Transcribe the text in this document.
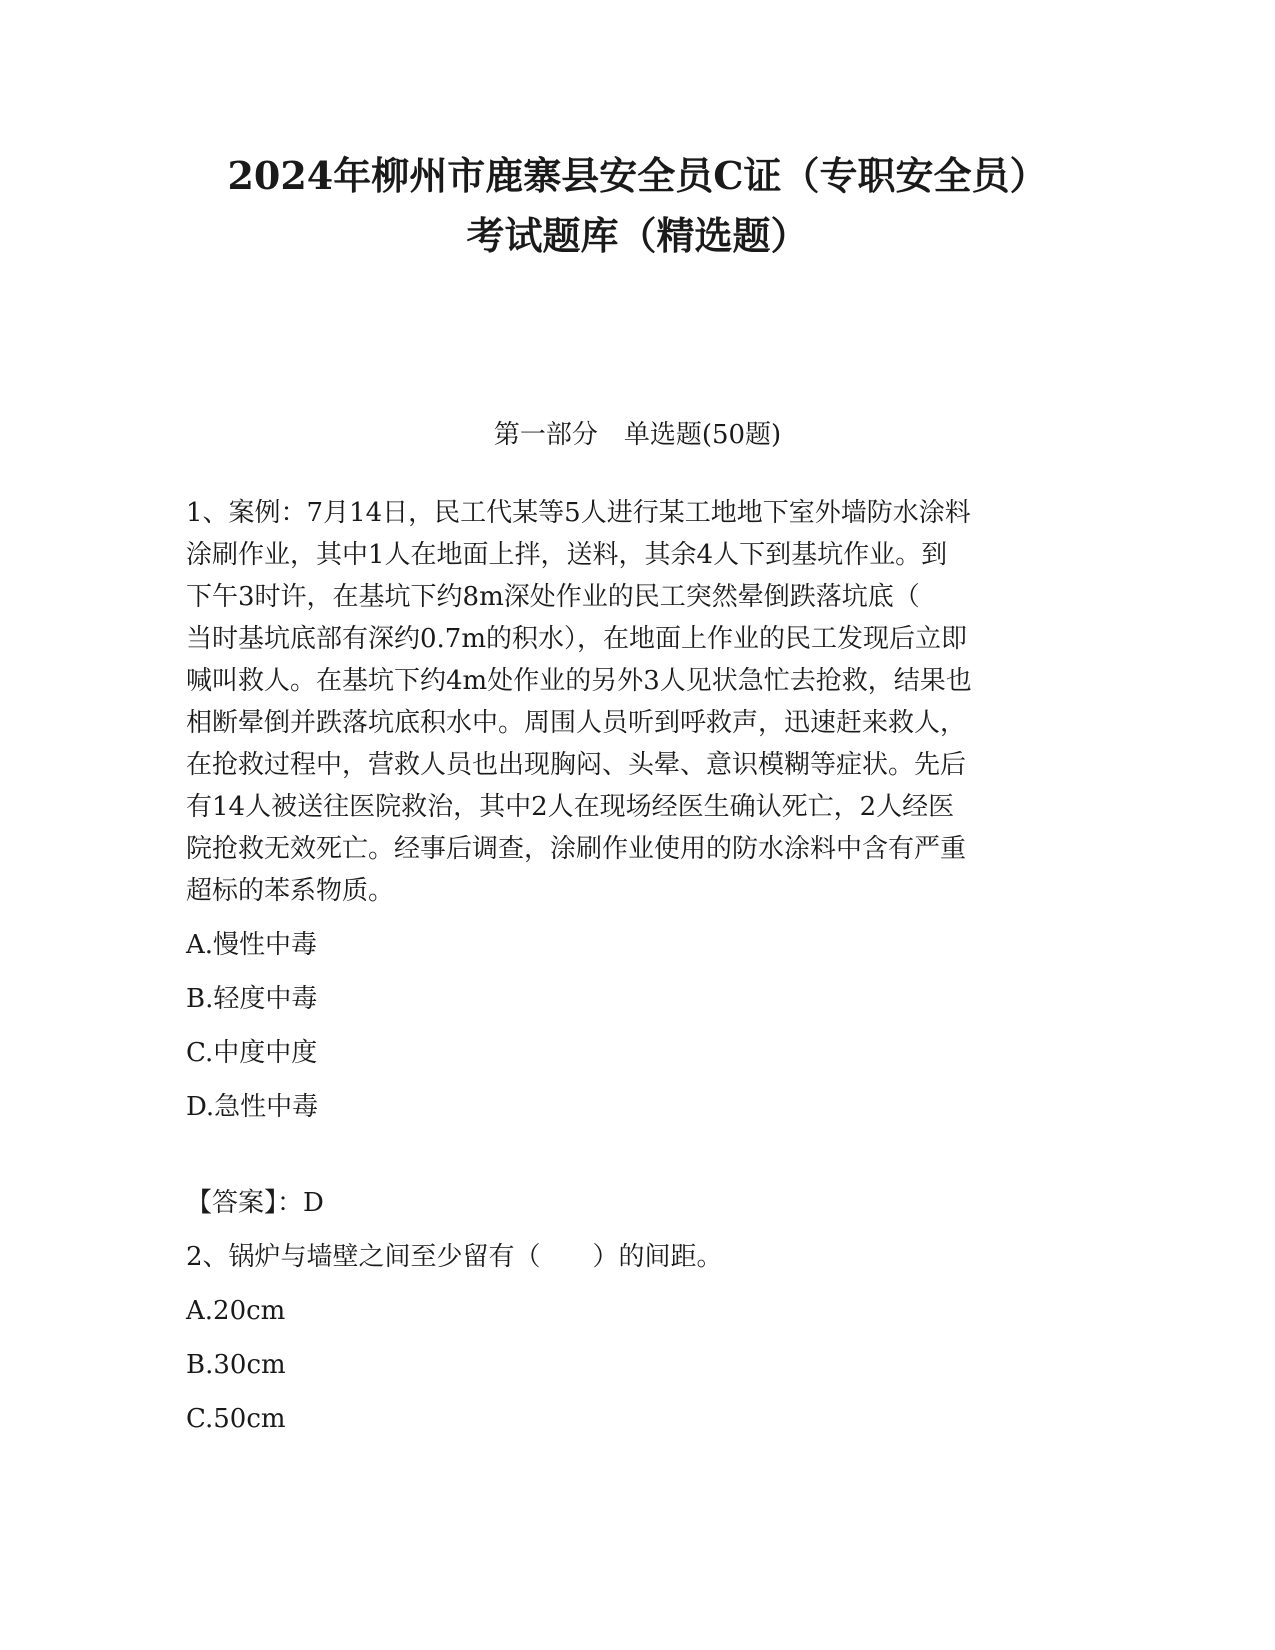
2024年柳州市鹿寨县安全员C证（专职安全员）
考试题库（精选题）
第一部分　单选题(50题)
1、案例：7月14日，民工代某等5人进行某工地地下室外墙防水涂料
涂刷作业，其中1人在地面上拌，送料，其余4人下到基坑作业。到
下午3时许，在基坑下约8m深处作业的民工突然晕倒跌落坑底（
当时基坑底部有深约0.7m的积水），在地面上作业的民工发现后立即
喊叫救人。在基坑下约4m处作业的另外3人见状急忙去抢救，结果也
相断晕倒并跌落坑底积水中。周围人员听到呼救声，迅速赶来救人，
在抢救过程中，营救人员也出现胸闷、头晕、意识模糊等症状。先后
有14人被送往医院救治，其中2人在现场经医生确认死亡，2人经医
院抢救无效死亡。经事后调查，涂刷作业使用的防水涂料中含有严重
超标的苯系物质。
A.慢性中毒
B.轻度中毒
C.中度中度
D.急性中毒
【答案】：D
2、锅炉与墙壁之间至少留有（　　）的间距。
A.20cm
B.30cm
C.50cm
